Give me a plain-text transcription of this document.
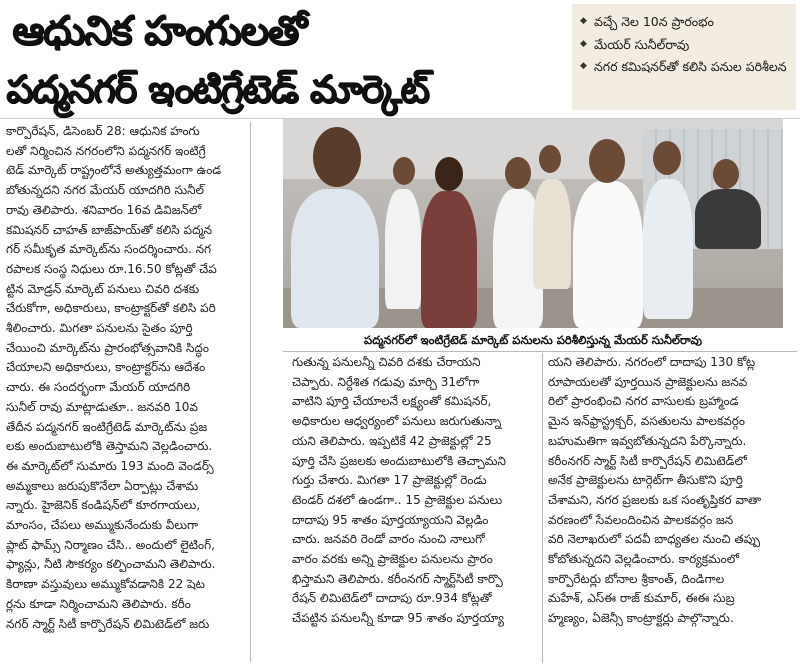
ఆధునిక హంగులతో
పద్మనగర్ ఇంటిగ్రేటెడ్ మార్కెట్
◆ వచ్చే నెల 10న ప్రారంభం
◆ మేయర్ సునీల్‌రావు
◆ నగర కమిషనర్‌తో కలిసి పనుల పరిశీలన
కార్పొరేషన్, డిసెంబర్ 28: ఆధునిక హంగు
లతో నిర్మించిన నగరంలోని పద్మనగర్ ఇంటిగ్రే
టెడ్ మార్కెట్ రాష్ట్రంలోనే అత్యుత్తమంగా ఉండ
బోతున్నదని నగర మేయర్ యాదగిరి సునీల్
రావు తెలిపారు. శనివారం 16వ డివిజన్‌లో
కమిషనర్ చాహత్ బాజ్‌పాయ్‌తో కలిసి పద్మన
గర్ సమీకృత మార్కెట్‌ను సందర్శించారు. నగ
రపాలక సంస్థ నిధులు రూ.16.50 కోట్లతో చేప
ట్టిన మోడ్రన్ మార్కెట్ పనులు చివరి దశకు
చేరుకోగా, అధికారులు, కాంట్రాక్టర్‌తో కలిసి పరి
శీలించారు. మిగతా పనులను సైతం పూర్తి
చేయించి మార్కెట్‌ను ప్రారంభోత్సవానికి సిద్ధం
చేయాలని అధికారులు, కాంట్రాక్టర్‌ను ఆదేశం
చారు. ఈ సందర్భంగా మేయర్ యాదగిరి
సునీల్ రావు మాట్లాడుతూ.. జనవరి 10వ
తేదీన పద్మనగర్ ఇంటిగ్రేటెడ్ మార్కెట్‌ను ప్రజ
లకు అందుబాటులోకి తెస్తామని వెల్లడించారు.
ఈ మార్కెట్‌లో సుమారు 193 మంది వెండర్స్
అమ్మకాలు జరుపుకొనేలా ఏర్పాట్లు చేశామ
న్నారు. హైజెనిక్ కండిషన్‌లో కూరగాయలు,
మాంసం, చేపలు అమ్ముకునేందుకు వీలుగా
ప్లాట్ ఫామ్స్ నిర్మాణం చేసి.. అందులో లైటింగ్,
ఫ్యాన్లు, నీటి సౌకర్యం కల్పించామని తెలిపారు.
కిరాణా వస్తువులు అమ్ముకోవడానికి 22 షెట
ర్లను కూడా నిర్మించామని తెలిపారు. కరీం
నగర్ స్మార్ట్ సిటీ కార్పొరేషన్ లిమిటెడ్‌లో జరు
పద్మనగర్‌లో ఇంటిగ్రేటెడ్ మార్కెట్ పనులను పరిశీలిస్తున్న మేయర్ సునీల్‌రావు
గుతున్న పనులన్నీ చివరి దశకు చేరాయని
చెప్పారు. నిర్దేశిత గడువు మార్చి 31లోగా
వాటిని పూర్తి చేయాలనే లక్ష్యంతో కమిషనర్,
అధికారుల ఆధ్వర్యంలో పనులు జరుగుతున్నా
యని తెలిపారు. ఇప్పటికే 42 ప్రాజెక్టుల్లో 25
పూర్తి చేసి ప్రజలకు అందుబాటులోకి తెచ్చామని
గుర్తు చేశారు. మిగతా 17 ప్రాజెక్టుల్లో రెండు
టెండర్ దశలో ఉండగా.. 15 ప్రాజెక్టుల పనులు
దాదాపు 95 శాతం పూర్తయ్యాయని వెల్లడిం
చారు. జనవరి రెండో వారం నుంచి నాలుగో
వారం వరకు అన్ని ప్రాజెక్టుల పనులను ప్రారం
భిస్తామని తెలిపారు. కరీంనగర్ స్మార్ట్‌సిటీ కార్పొ
రేషన్ లిమిటెడ్‌లో దాదాపు రూ.934 కోట్లతో
చేపట్టిన పనులన్నీ కూడా 95 శాతం పూర్తయ్యా
యని తెలిపారు. నగరంలో దాదాపు 130 కోట్ల
రూపాయలతో పూర్తయిన ప్రాజెక్టులను జనవ
రిలో ప్రారంభించి నగర వాసులకు బ్రహ్మాండ
మైన ఇన్‌ఫ్రాస్ట్రక్చర్, వసతులను పాలకవర్గం
బహుమతిగా ఇవ్వబోతున్నదని పేర్కొన్నారు.
కరీంనగర్ స్మార్ట్ సిటీ కార్పొరేషన్ లిమిటెడ్‌లో
అనేక ప్రాజెక్టులను టార్గెట్‌గా తీసుకొని పూర్తి
చేశామని, నగర ప్రజలకు ఒక సంతృప్తికర వాతా
వరణంలో సేవలందించిన పాలకవర్గం జన
వరి నెలాఖరులో పదవీ బాధ్యతల నుంచి తప్పు
కోబోతున్నదని వెల్లడించారు. కార్యక్రమంలో
కార్పొరేటర్లు బోనాల శ్రీకాంత్, దిండిగాల
మహేశ్, ఎస్ఈ రాజ్ కుమార్, ఈఈ సుబ్ర
హ్మణ్యం, ఏజెన్సీ కాంట్రాక్టర్లు పాల్గొన్నారు.
